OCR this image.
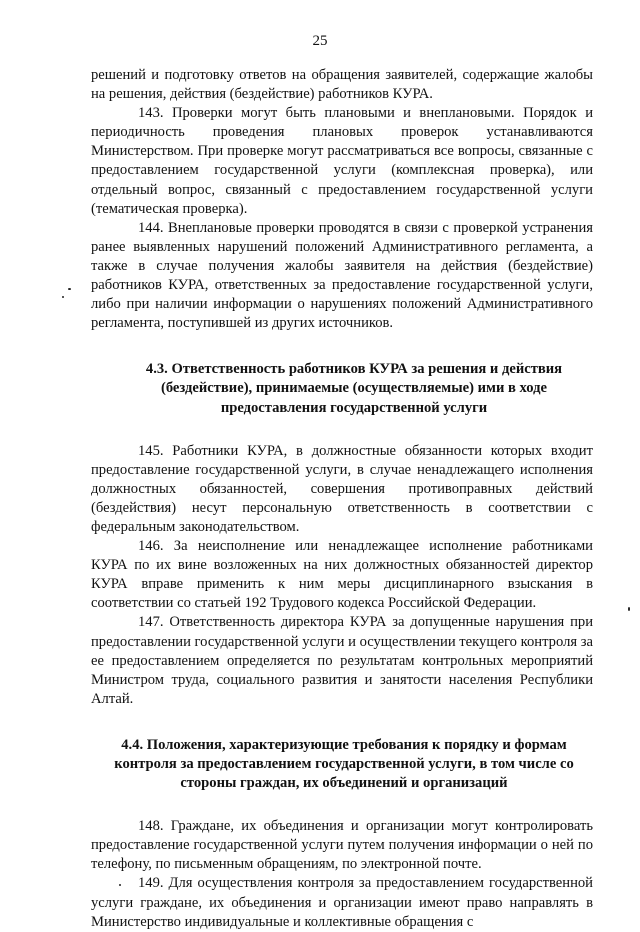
25

решений и подготовку ответов на обращения заявителей, содержащие жалобы на решения, действия (бездействие) работников КУРА.

143. Проверки могут быть плановыми и внеплановыми. Порядок и периодичность проведения плановых проверок устанавливаются Министерством. При проверке могут рассматриваться все вопросы, связанные с предоставлением государственной услуги (комплексная проверка), или отдельный вопрос, связанный с предоставлением государственной услуги (тематическая проверка).

144. Внеплановые проверки проводятся в связи с проверкой устранения ранее выявленных нарушений положений Административного регламента, а также в случае получения жалобы заявителя на действия (бездействие) работников КУРА, ответственных за предоставление государственной услуги, либо при наличии информации о нарушениях положений Административного регламента, поступившей из других источников.

4.3. Ответственность работников КУРА за решения и действия (бездействие), принимаемые (осуществляемые) ими в ходе предоставления государственной услуги

145. Работники КУРА, в должностные обязанности которых входит предоставление государственной услуги, в случае ненадлежащего исполнения должностных обязанностей, совершения противоправных действий (бездействия) несут персональную ответственность в соответствии с федеральным законодательством.

146. За неисполнение или ненадлежащее исполнение работниками КУРА по их вине возложенных на них должностных обязанностей директор КУРА вправе применить к ним меры дисциплинарного взыскания в соответствии со статьей 192 Трудового кодекса Российской Федерации.

147. Ответственность директора КУРА за допущенные нарушения при предоставлении государственной услуги и осуществлении текущего контроля за ее предоставлением определяется по результатам контрольных мероприятий Министром труда, социального развития и занятости населения Республики Алтай.

4.4. Положения, характеризующие требования к порядку и формам контроля за предоставлением государственной услуги, в том числе со стороны граждан, их объединений и организаций

148. Граждане, их объединения и организации могут контролировать предоставление государственной услуги путем получения информации о ней по телефону, по письменным обращениям, по электронной почте.

149. Для осуществления контроля за предоставлением государственной услуги граждане, их объединения и организации имеют право направлять в Министерство индивидуальные и коллективные обращения с
